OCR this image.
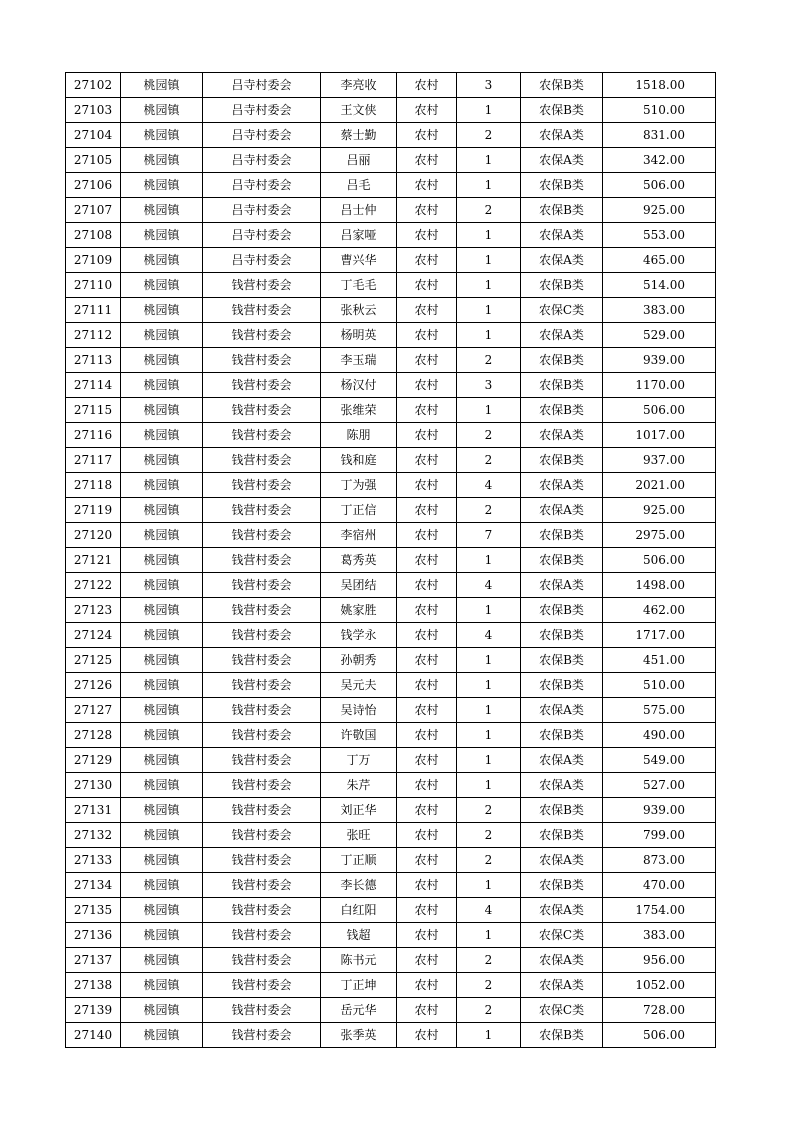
27102	桃园镇	吕寺村委会	李亮收	农村	3	农保B类	1518.00
27103	桃园镇	吕寺村委会	王文侠	农村	1	农保B类	510.00
27104	桃园镇	吕寺村委会	蔡士勤	农村	2	农保A类	831.00
27105	桃园镇	吕寺村委会	吕丽	农村	1	农保A类	342.00
27106	桃园镇	吕寺村委会	吕毛	农村	1	农保B类	506.00
27107	桃园镇	吕寺村委会	吕士仲	农村	2	农保B类	925.00
27108	桃园镇	吕寺村委会	吕家哑	农村	1	农保A类	553.00
27109	桃园镇	吕寺村委会	曹兴华	农村	1	农保A类	465.00
27110	桃园镇	钱营村委会	丁毛毛	农村	1	农保B类	514.00
27111	桃园镇	钱营村委会	张秋云	农村	1	农保C类	383.00
27112	桃园镇	钱营村委会	杨明英	农村	1	农保A类	529.00
27113	桃园镇	钱营村委会	李玉瑞	农村	2	农保B类	939.00
27114	桃园镇	钱营村委会	杨汉付	农村	3	农保B类	1170.00
27115	桃园镇	钱营村委会	张维荣	农村	1	农保B类	506.00
27116	桃园镇	钱营村委会	陈朋	农村	2	农保A类	1017.00
27117	桃园镇	钱营村委会	钱和庭	农村	2	农保B类	937.00
27118	桃园镇	钱营村委会	丁为强	农村	4	农保A类	2021.00
27119	桃园镇	钱营村委会	丁正信	农村	2	农保A类	925.00
27120	桃园镇	钱营村委会	李宿州	农村	7	农保B类	2975.00
27121	桃园镇	钱营村委会	葛秀英	农村	1	农保B类	506.00
27122	桃园镇	钱营村委会	吴团结	农村	4	农保A类	1498.00
27123	桃园镇	钱营村委会	姚家胜	农村	1	农保B类	462.00
27124	桃园镇	钱营村委会	钱学永	农村	4	农保B类	1717.00
27125	桃园镇	钱营村委会	孙朝秀	农村	1	农保B类	451.00
27126	桃园镇	钱营村委会	吴元夫	农村	1	农保B类	510.00
27127	桃园镇	钱营村委会	吴诗怡	农村	1	农保A类	575.00
27128	桃园镇	钱营村委会	许敬国	农村	1	农保B类	490.00
27129	桃园镇	钱营村委会	丁万	农村	1	农保A类	549.00
27130	桃园镇	钱营村委会	朱芹	农村	1	农保A类	527.00
27131	桃园镇	钱营村委会	刘正华	农村	2	农保B类	939.00
27132	桃园镇	钱营村委会	张旺	农村	2	农保B类	799.00
27133	桃园镇	钱营村委会	丁正顺	农村	2	农保A类	873.00
27134	桃园镇	钱营村委会	李长德	农村	1	农保B类	470.00
27135	桃园镇	钱营村委会	白红阳	农村	4	农保A类	1754.00
27136	桃园镇	钱营村委会	钱超	农村	1	农保C类	383.00
27137	桃园镇	钱营村委会	陈书元	农村	2	农保A类	956.00
27138	桃园镇	钱营村委会	丁正坤	农村	2	农保A类	1052.00
27139	桃园镇	钱营村委会	岳元华	农村	2	农保C类	728.00
27140	桃园镇	钱营村委会	张季英	农村	1	农保B类	506.00
